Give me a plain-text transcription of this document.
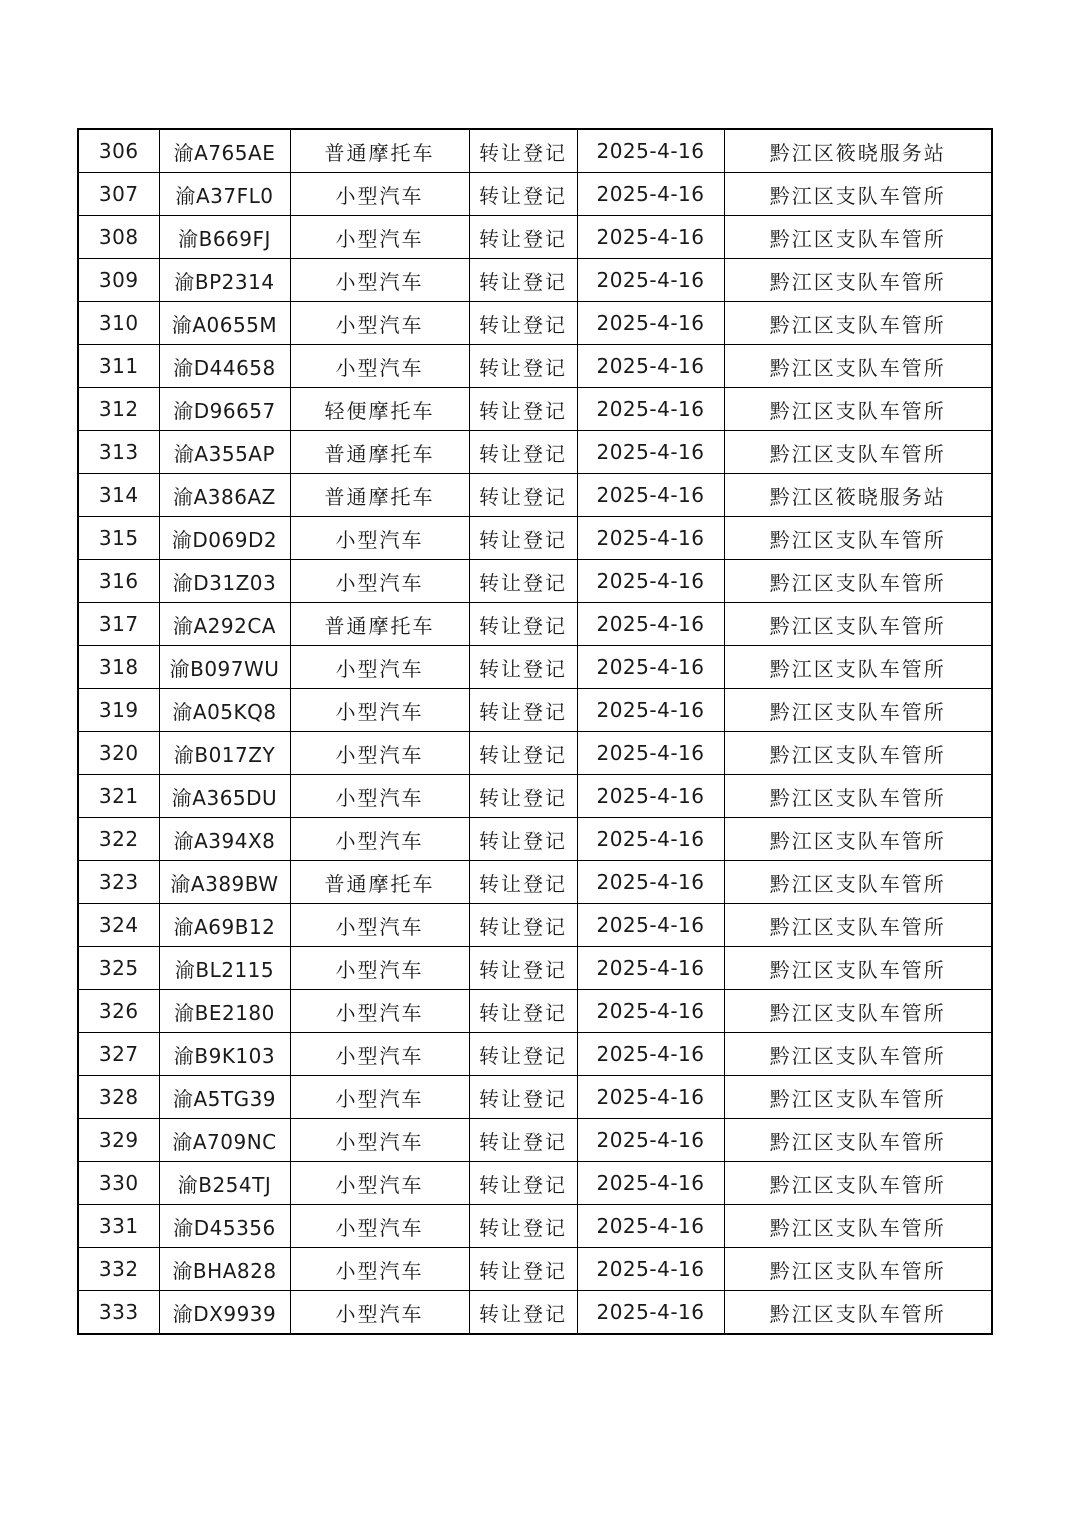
306	渝A765AE	普通摩托车	转让登记	2025-4-16	黔江区筱晓服务站
307	渝A37FL0	小型汽车	转让登记	2025-4-16	黔江区支队车管所
308	渝B669FJ	小型汽车	转让登记	2025-4-16	黔江区支队车管所
309	渝BP2314	小型汽车	转让登记	2025-4-16	黔江区支队车管所
310	渝A0655M	小型汽车	转让登记	2025-4-16	黔江区支队车管所
311	渝D44658	小型汽车	转让登记	2025-4-16	黔江区支队车管所
312	渝D96657	轻便摩托车	转让登记	2025-4-16	黔江区支队车管所
313	渝A355AP	普通摩托车	转让登记	2025-4-16	黔江区支队车管所
314	渝A386AZ	普通摩托车	转让登记	2025-4-16	黔江区筱晓服务站
315	渝D069D2	小型汽车	转让登记	2025-4-16	黔江区支队车管所
316	渝D31Z03	小型汽车	转让登记	2025-4-16	黔江区支队车管所
317	渝A292CA	普通摩托车	转让登记	2025-4-16	黔江区支队车管所
318	渝B097WU	小型汽车	转让登记	2025-4-16	黔江区支队车管所
319	渝A05KQ8	小型汽车	转让登记	2025-4-16	黔江区支队车管所
320	渝B017ZY	小型汽车	转让登记	2025-4-16	黔江区支队车管所
321	渝A365DU	小型汽车	转让登记	2025-4-16	黔江区支队车管所
322	渝A394X8	小型汽车	转让登记	2025-4-16	黔江区支队车管所
323	渝A389BW	普通摩托车	转让登记	2025-4-16	黔江区支队车管所
324	渝A69B12	小型汽车	转让登记	2025-4-16	黔江区支队车管所
325	渝BL2115	小型汽车	转让登记	2025-4-16	黔江区支队车管所
326	渝BE2180	小型汽车	转让登记	2025-4-16	黔江区支队车管所
327	渝B9K103	小型汽车	转让登记	2025-4-16	黔江区支队车管所
328	渝A5TG39	小型汽车	转让登记	2025-4-16	黔江区支队车管所
329	渝A709NC	小型汽车	转让登记	2025-4-16	黔江区支队车管所
330	渝B254TJ	小型汽车	转让登记	2025-4-16	黔江区支队车管所
331	渝D45356	小型汽车	转让登记	2025-4-16	黔江区支队车管所
332	渝BHA828	小型汽车	转让登记	2025-4-16	黔江区支队车管所
333	渝DX9939	小型汽车	转让登记	2025-4-16	黔江区支队车管所
